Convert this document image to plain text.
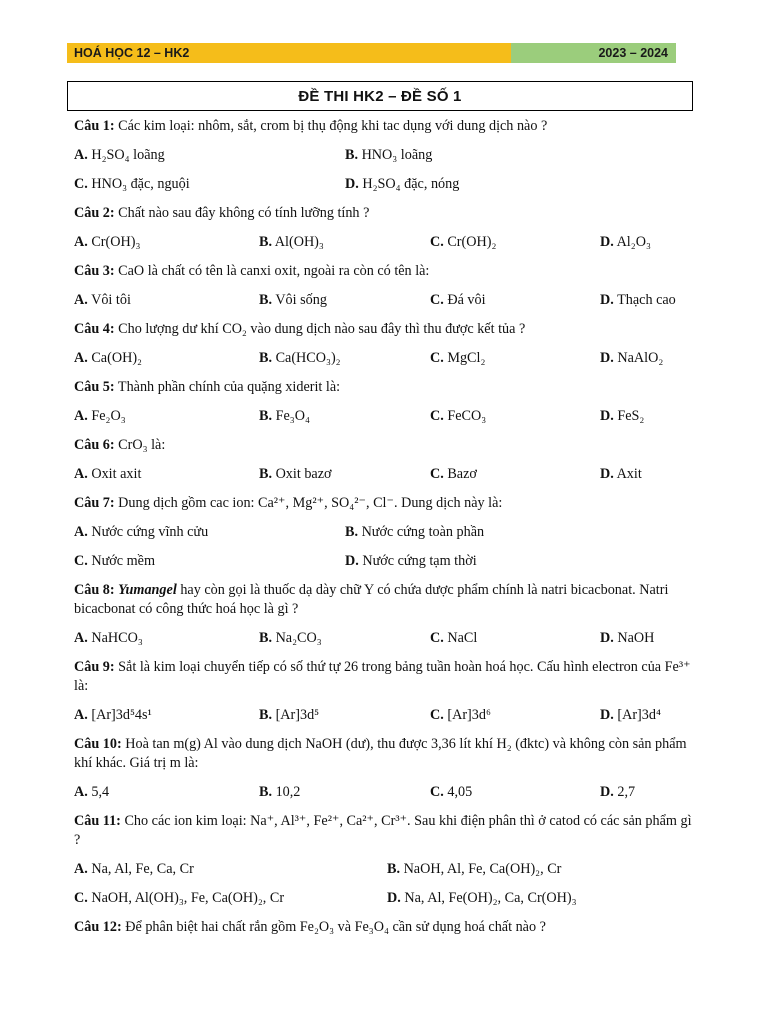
HOÁ HỌC 12 – HK2	2023 – 2024
ĐỀ THI HK2 – ĐỀ SỐ 1
Câu 1: Các kim loại: nhôm, sắt, crom bị thụ động khi tac dụng với dung dịch nào ?
A. H₂SO₄ loãng	B. HNO₃ loãng
C. HNO₃ đặc, nguội	D. H₂SO₄ đặc, nóng
Câu 2: Chất nào sau đây không có tính lưỡng tính ?
A. Cr(OH)₃	B. Al(OH)₃	C. Cr(OH)₂	D. Al₂O₃
Câu 3: CaO là chất có tên là canxi oxit, ngoài ra còn có tên là:
A. Vôi tôi	B. Vôi sống	C. Đá vôi	D. Thạch cao
Câu 4: Cho lượng dư khí CO₂ vào dung dịch nào sau đây thì thu được kết tủa ?
A. Ca(OH)₂	B. Ca(HCO₃)₂	C. MgCl₂	D. NaAlO₂
Câu 5: Thành phần chính của quặng xiderit là:
A. Fe₂O₃	B. Fe₃O₄	C. FeCO₃	D. FeS₂
Câu 6: CrO₃ là:
A. Oxit axit	B. Oxit bazơ	C. Bazơ	D. Axit
Câu 7: Dung dịch gồm cac ion: Ca²⁺, Mg²⁺, SO₄²⁻, Cl⁻. Dung dịch này là:
A. Nước cứng vĩnh cửu	B. Nước cứng toàn phần
C. Nước mềm	D. Nước cứng tạm thời
Câu 8: Yumangel hay còn gọi là thuốc dạ dày chữ Y có chứa dược phẩm chính là natri bicacbonat. Natri bicacbonat có công thức hoá học là gì ?
A. NaHCO₃	B. Na₂CO₃	C. NaCl	D. NaOH
Câu 9: Sắt là kim loại chuyển tiếp có số thứ tự 26 trong bảng tuần hoàn hoá học. Cấu hình electron của Fe³⁺ là:
A. [Ar]3d⁵4s¹	B. [Ar]3d⁵	C. [Ar]3d⁶	D. [Ar]3d⁴
Câu 10: Hoà tan m(g) Al vào dung dịch NaOH (dư), thu được 3,36 lít khí H₂ (đktc) và không còn sản phẩm khí khác. Giá trị m là:
A. 5,4	B. 10,2	C. 4,05	D. 2,7
Câu 11: Cho các ion kim loại: Na⁺, Al³⁺, Fe²⁺, Ca²⁺, Cr³⁺. Sau khi điện phân thì ở catod có các sản phẩm gì ?
A. Na, Al, Fe, Ca, Cr	B. NaOH, Al, Fe, Ca(OH)₂, Cr
C. NaOH, Al(OH)₃, Fe, Ca(OH)₂, Cr	D. Na, Al, Fe(OH)₂, Ca, Cr(OH)₃
Câu 12: Để phân biệt hai chất rắn gồm Fe₂O₃ và Fe₃O₄ cần sử dụng hoá chất nào ?
